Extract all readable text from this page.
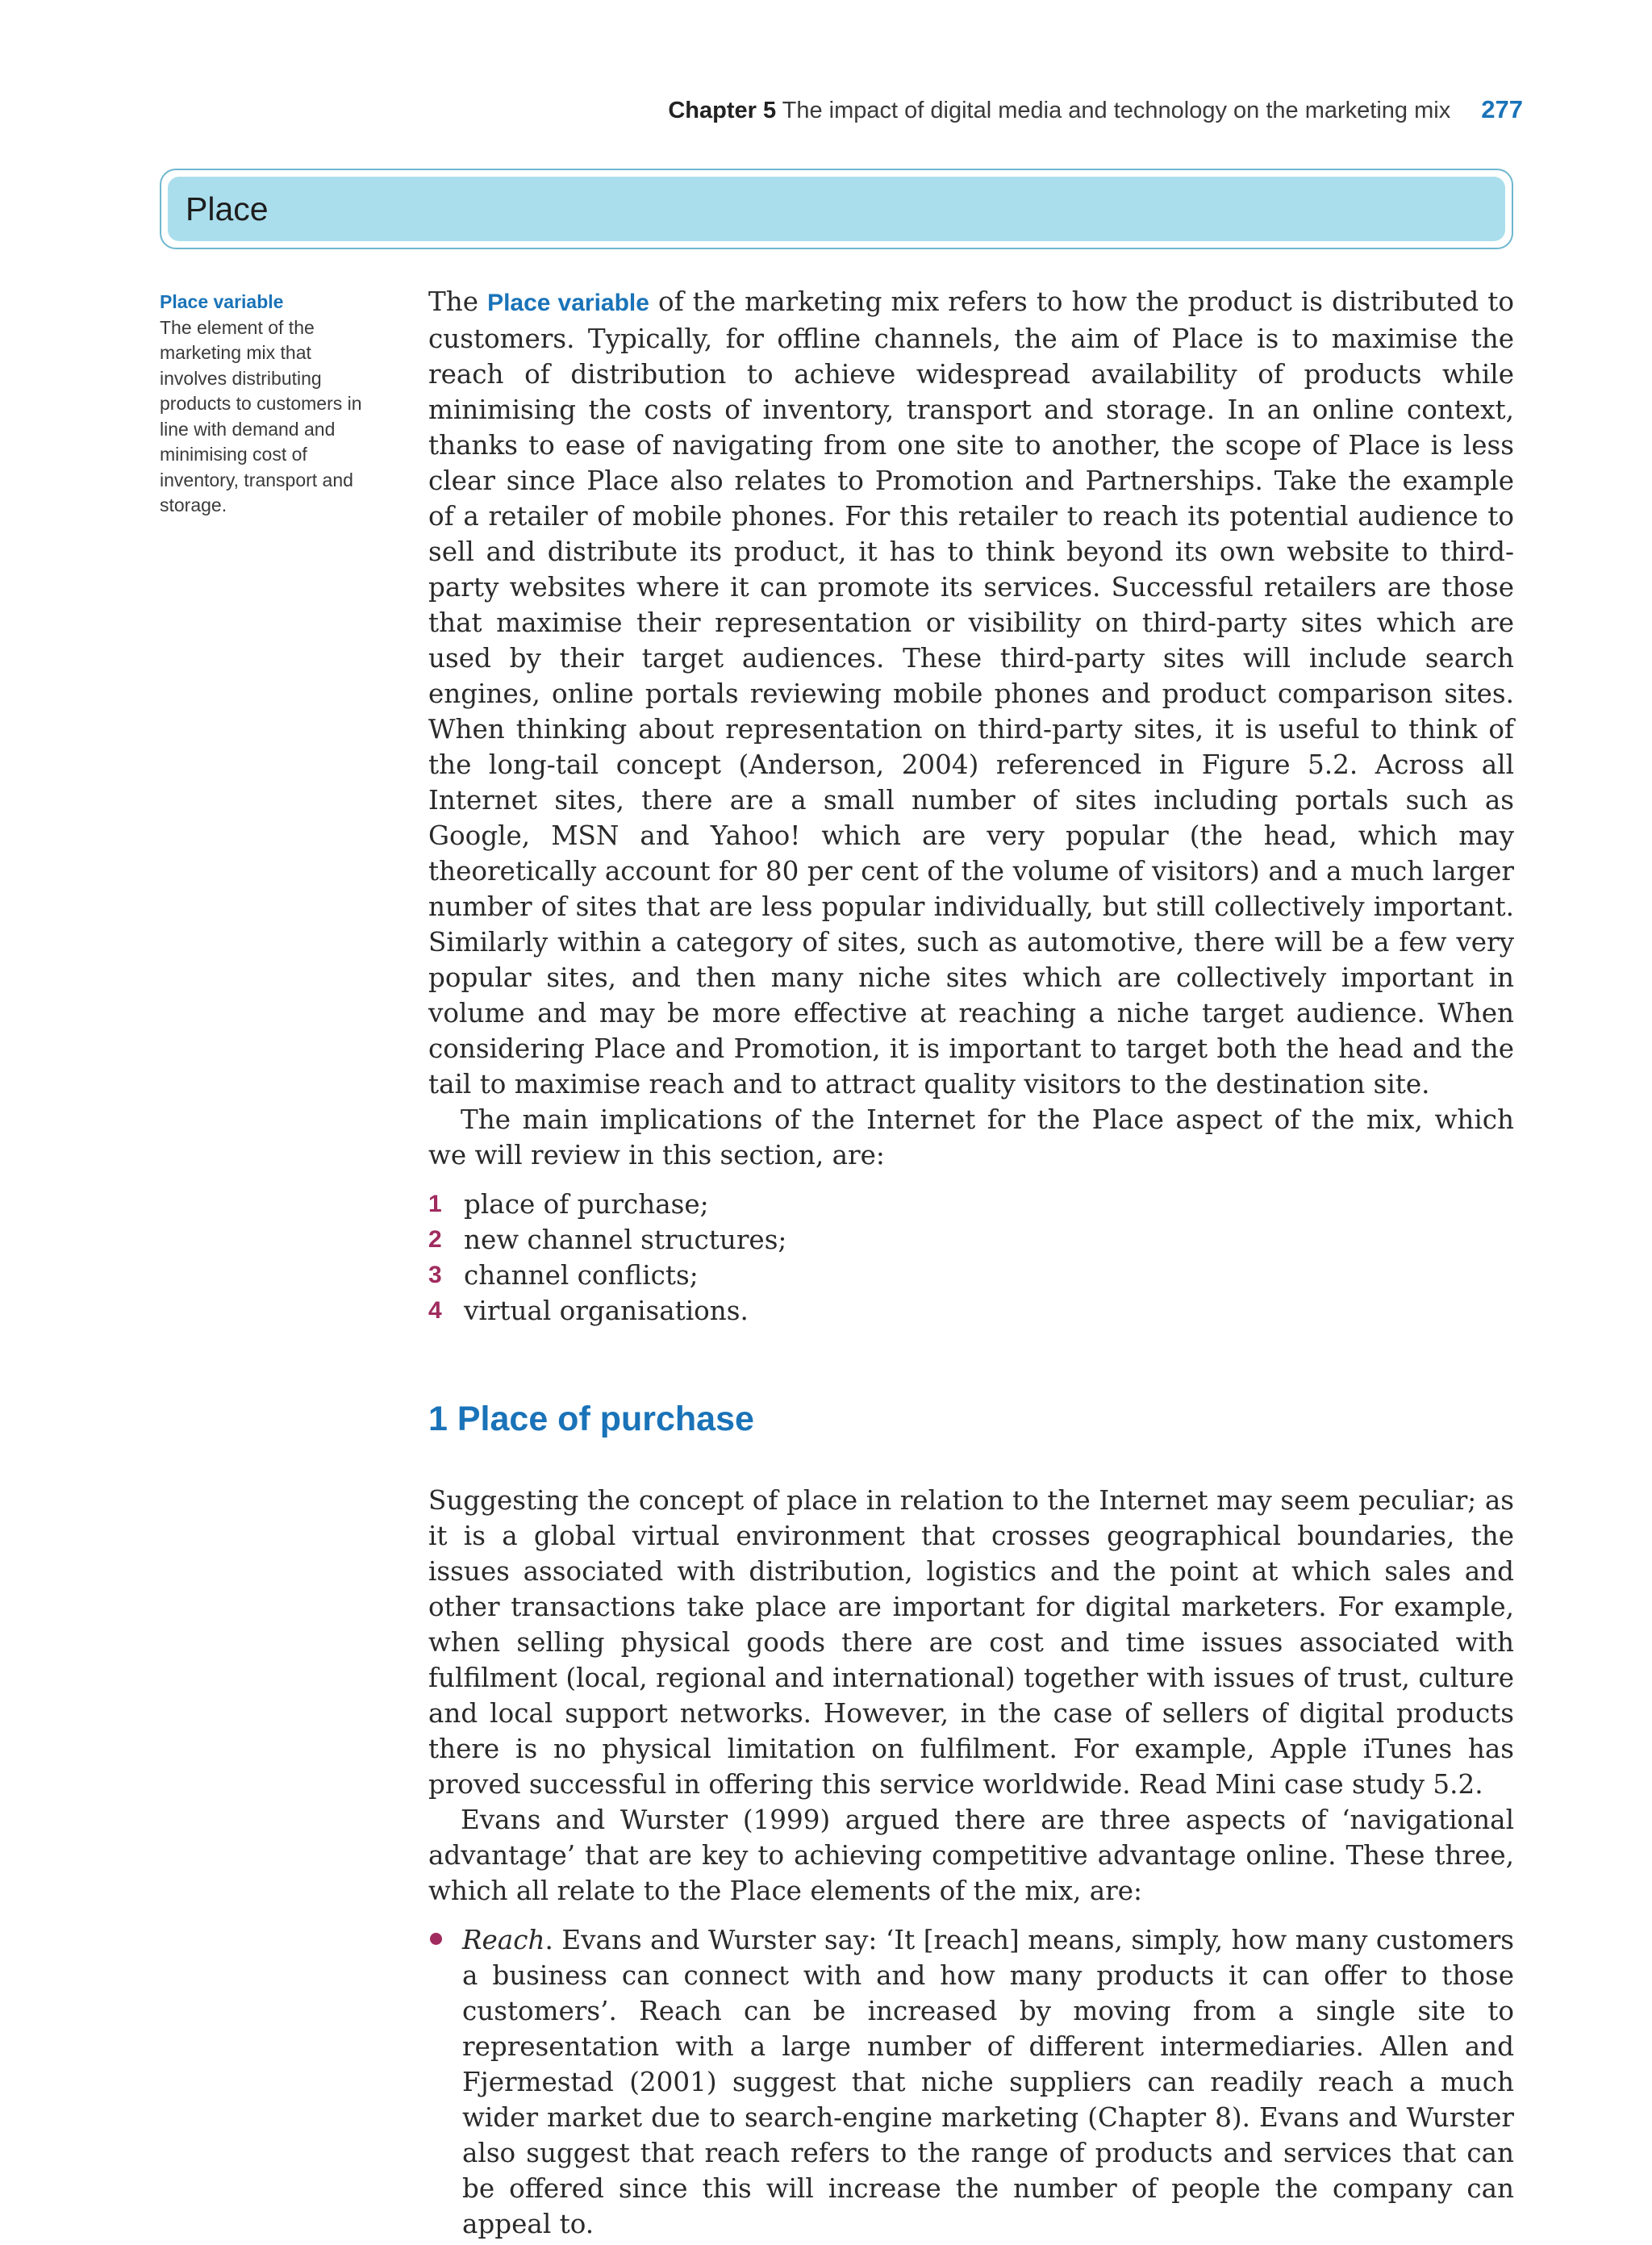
Chapter 5 The impact of digital media and technology on the marketing mix 277
Place
Place variable
The element of the marketing mix that involves distributing products to customers in line with demand and minimising cost of inventory, transport and storage.

The Place variable of the marketing mix refers to how the product is distributed to customers. Typically, for offline channels, the aim of Place is to maximise the reach of distribution to achieve widespread availability of products while minimising the costs of inventory, transport and storage. In an online context, thanks to ease of navigating from one site to another, the scope of Place is less clear since Place also relates to Promotion and Partnerships. Take the example of a retailer of mobile phones. For this retailer to reach its potential audience to sell and distribute its product, it has to think beyond its own website to third-party websites where it can promote its services. Successful retailers are those that maximise their representation or visibility on third-party sites which are used by their target audiences. These third-party sites will include search engines, online portals reviewing mobile phones and product comparison sites. When thinking about representation on third-party sites, it is useful to think of the long-tail concept (Anderson, 2004) referenced in Figure 5.2. Across all Internet sites, there are a small number of sites including portals such as Google, MSN and Yahoo! which are very popular (the head, which may theoretically account for 80 per cent of the volume of visitors) and a much larger number of sites that are less popular individually, but still collectively important. Similarly within a category of sites, such as automotive, there will be a few very popular sites, and then many niche sites which are collectively important in volume and may be more effective at reaching a niche target audience. When considering Place and Promotion, it is important to target both the head and the tail to maximise reach and to attract quality visitors to the destination site.

The main implications of the Internet for the Place aspect of the mix, which we will review in this section, are:

1 place of purchase;
2 new channel structures;
3 channel conflicts;
4 virtual organisations.
1 Place of purchase

Suggesting the concept of place in relation to the Internet may seem peculiar; as it is a global virtual environment that crosses geographical boundaries, the issues associated with distribution, logistics and the point at which sales and other transactions take place are important for digital marketers. For example, when selling physical goods there are cost and time issues associated with fulfilment (local, regional and international) together with issues of trust, culture and local support networks. However, in the case of sellers of digital products there is no physical limitation on fulfilment. For example, Apple iTunes has proved successful in offering this service worldwide. Read Mini case study 5.2.

Evans and Wurster (1999) argued there are three aspects of ‘navigational advantage’ that are key to achieving competitive advantage online. These three, which all relate to the Place elements of the mix, are:

Reach. Evans and Wurster say: ‘It [reach] means, simply, how many customers a business can connect with and how many products it can offer to those customers’. Reach can be increased by moving from a single site to representation with a large number of different intermediaries. Allen and Fjermestad (2001) suggest that niche suppliers can readily reach a much wider market due to search-engine marketing (Chapter 8). Evans and Wurster also suggest that reach refers to the range of products and services that can be offered since this will increase the number of people the company can appeal to.
